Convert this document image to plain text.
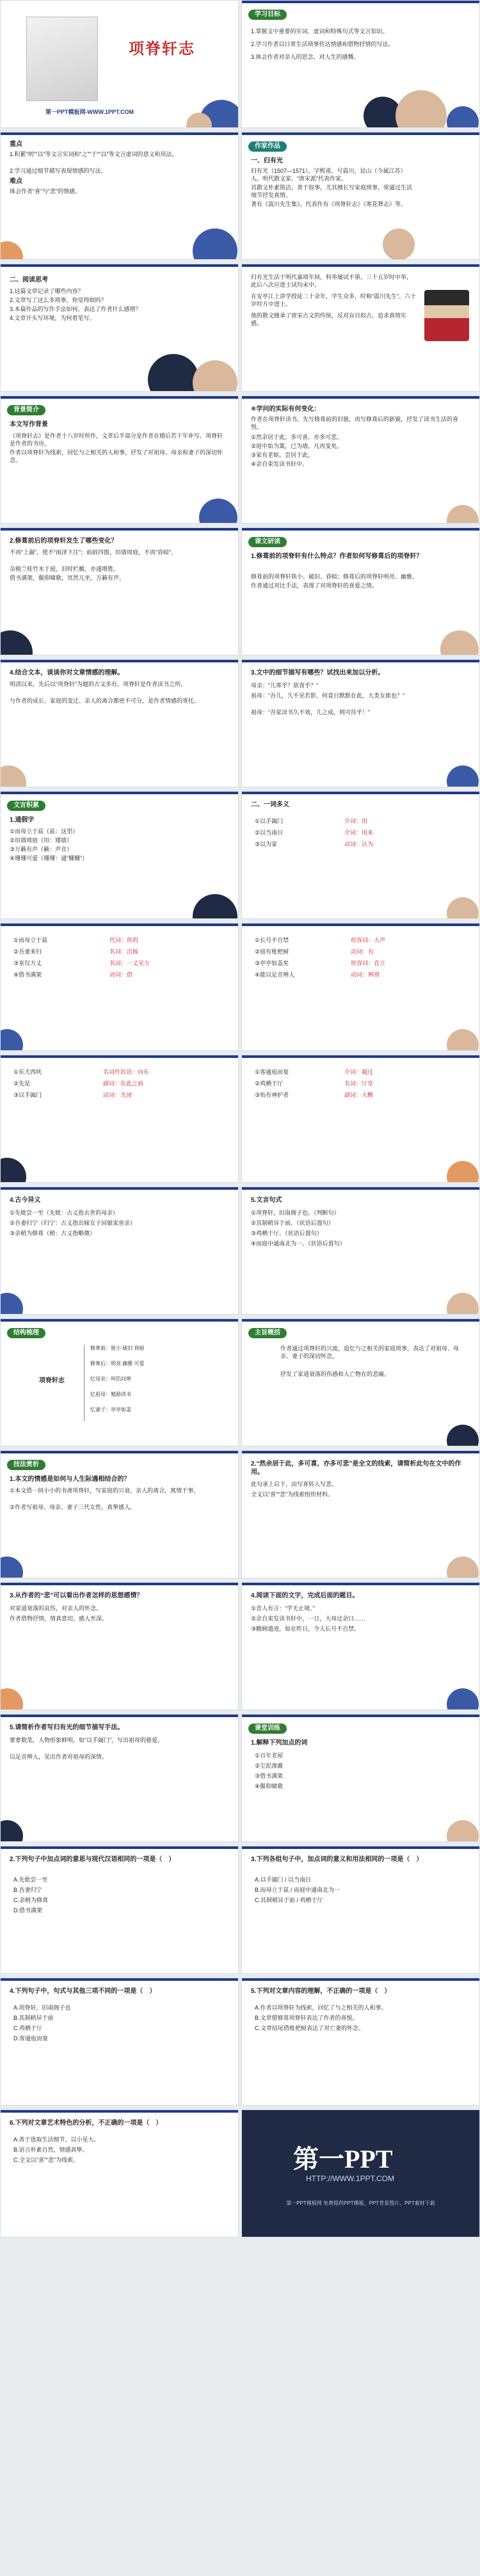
项脊轩志
第一PPT模板网-WWW.1PPT.COM
学习目标
1.掌握文中重要的实词、虚词和特殊句式等文言知识。
2.学习作者以日常生活琐事传达情感和借物抒情的写法。
3.体会作者对亲人的思念、对人生的感慨。
重点
1.积累“则”“以”等文言实词和“之”“于”“以”等文言虚词的意义和用法。
2.学习通过细节描写表现情感的写法。
难点
体会作者“喜”与“悲”的情感。
作家作品
一、归有光
归有光（1507—1571），字熙甫，号震川，昆山（今属江苏）人。明代散文家、“唐宋派”代表作家。
其散文朴素简洁，善于叙事，尤其擅长写家庭琐事，常通过生活细节抒发真情。
著有《震川先生集》。代表作有《项脊轩志》《寒花葬志》等。
二、阅读思考
1.这篇文章记录了哪些内容？
2.文章写了这么多琐事，你觉得烦吗？
3.本篇作品的写作手法如何，表达了作者什么感情？
4.文章开头写环境，为何着笔写。
归有光生活于明代嘉靖年间，科举屡试不第。三十五岁时中举，此后八次应进士试均未中。
在安亭江上讲学授徒二十余年，学生众多，时称“震川先生”。六十岁时方中进士。
他的散文继承了唐宋古文的传统，反对盲目拟古，追求真情实感。
背景简介
本文写作背景
《项脊轩志》是作者十八岁时所作，文章后半部分是作者在婚后若干年补写。项脊轩是作者的书房，
作者以项脊轩为线索，回忆与之相关的人和事，抒发了对祖母、母亲和妻子的深切怀念。
⑥学问的实际有何变化：
作者在项脊轩读书，先写修葺前的旧貌，再写修葺后的新貌，抒发了读书生活的喜悦。
①然余居于此，多可喜，亦多可悲。
②庭中始为篱，已为墙，凡再变矣。
③家有老妪，尝居于此。
④余自束发读书轩中。
2.修葺前后的项脊轩发生了哪些变化？
不再“上漏”，使不“雨泽下注”；前辟四窗，垣墙周庭，不再“昏暗”。
杂植兰桂竹木于庭，旧时栏楯，亦遂增胜。
借书满架，偃仰啸歌，冥然兀坐，万籁有声。
课文研读
1.修葺前的项脊轩有什么特点？作者如何写修葺后的项脊轩？
修葺前的项脊轩狭小、破旧、昏暗；修葺后的项脊轩明亮、幽雅。
作者通过对比手法，表现了对项脊轩的喜爱之情。
4.结合文本，谈谈你对文章情感的理解。
明清以来，先后以“项脊轩”为题的古文多有。项脊轩是作者读书之所，
与作者的成长、家庭的变迁、亲人的离合都密不可分，是作者情感的寄托。
3.文中的细节描写有哪些？试找出来加以分析。
母亲：“儿寒乎？欲食乎？”
祖母：“吾儿，久不见若影，何竟日默默在此，大类女郎也？”
祖母：“吾家读书久不效，儿之成，则可待乎！”
文言积累
1.通假字
①而母立于兹（兹：这里）
②垣墙周庭（垣：矮墙）
③万籁有声（籁：声音）
④珊珊可爱（珊珊：通“姗姗”）
二、一词多义
①以手阖门	介词：用
②以当南日	介词：用来
③以为家	动词：认为
①而母立于兹	代词：你的
②吾妻来归	名词：出嫁
③室仅方丈	名词：一丈见方
④借书满架	动词：借
①长号不自禁	形容词：大声
②庭有枇杷树	动词：有
③亭亭如盖矣	形容词：直立
④能以足音辨人	动词：辨别
①东犬西吠	名词作状语：向东
②先是	副词：在此之前
③以手阖门	动词：关闭
①客逾庖而宴	介词：越过
②鸡栖于厅	名词：厅堂
③殆有神护者	副词：大概
4.古今异义
①先妣尝一至（先妣：古义指去世的母亲）
②吾妻归宁（归宁：古义指出嫁女子回娘家省亲）
③余稍为修葺（稍：古义指略微）
5.文言句式
①项脊轩，旧南阁子也。（判断句）
②其制稍异于前。（状语后置句）
③鸡栖于厅。（状语后置句）
④而庭中通南北为一。（状语后置句）
结构梳理
项脊轩志
修葺前：狭小 破旧 昏暗
修葺后：明亮 幽雅 可爱
忆母亲：叫饥问寒
忆祖母：勉励读书
忆妻子：亭亭如盖
主旨概括
作者通过项脊轩的兴废，追忆与之相关的家庭琐事，表达了对祖母、母亲、妻子的深切怀念，
抒发了家道衰落的伤感和人亡物在的悲痛。
技法赏析
1.本文的情感是如何与人生际遇相结合的？
①本文借一间小小的书斋项脊轩，写家庭的兴衰、亲人的离合，寓情于事。
②作者写祖母、母亲、妻子三代女性，真挚感人。
2.“然余居于此，多可喜，亦多可悲”是全文的线索，请简析此句在文中的作用。
此句承上启下，由写喜转入写悲。
全文以“喜”“悲”为线索组织材料。
3.从作者的“悲”可以看出作者怎样的思想感情？
对家道衰落的哀伤，对亲人的怀念。
作者借物抒情，情真意切，感人至深。
4.阅读下面的文字，完成后面的题目。
①昔人有言：“学无止境。”
②余自束发读书轩中，一日，大母过余曰……
③瞻顾遗迹，如在昨日，令人长号不自禁。
5.请简析作者写归有光的细节描写手法。
寥寥数笔，人物形象鲜明，如“以手阖门”，写出祖母的慈爱。
以足音辨人，见出作者对祖母的深情。
课堂训练
1.解释下列加点的词
①百年老屋
②尘泥渗漉
③借书满架
④偃仰啸歌
2.下列句子中加点词的意思与现代汉语相同的一项是（　）
A.先妣尝一至
B.吾妻归宁
C.余稍为修葺
D.借书满架
3.下列各组句子中，加点词的意义和用法相同的一项是（　）
A.以手阖门 / 以当南日
B.而母立于兹 / 而庭中通南北为一
C.其制稍异于前 / 鸡栖于厅
4.下列句子中，句式与其他三项不同的一项是（　）
A.项脊轩，旧南阁子也
B.其制稍异于前
C.鸡栖于厅
D.客逾庖而宴
5.下列对文章内容的理解，不正确的一项是（　）
A.作者以项脊轩为线索，回忆了与之相关的人和事。
B.文章借修葺项脊轩表达了作者的喜悦。
C.文章结尾借枇杷树表达了对亡妻的怀念。
6.下列对文章艺术特色的分析，不正确的一项是（　）
A.善于选取生活细节，以小见大。
B.语言朴素自然，情感真挚。
C.全文以“喜”“悲”为线索。	第一PPT
HTTP://WWW.1PPT.COM
第一PPT模板网 免费提供PPT模板、PPT背景图片、PPT素材下载
